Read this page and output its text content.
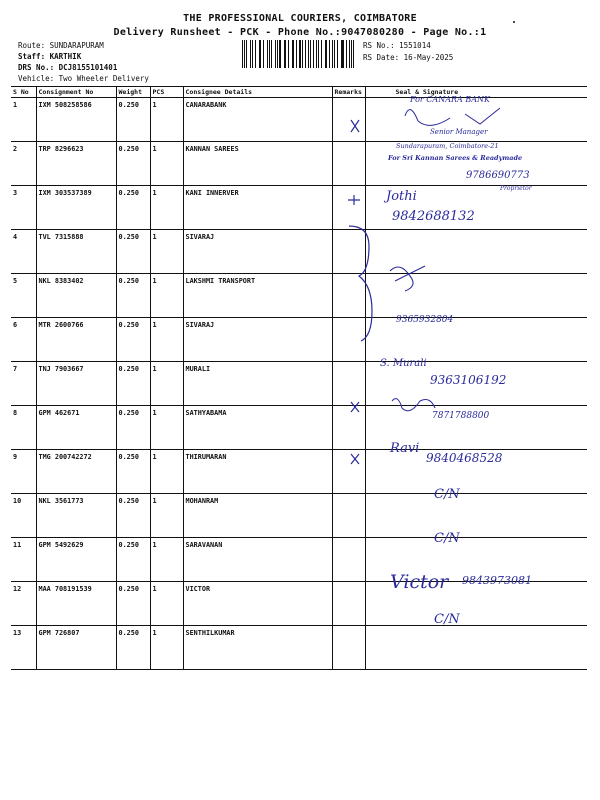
THE PROFESSIONAL COURIERS, COIMBATORE
Delivery Runsheet - PCK - Phone No.:9047080280 - Page No.:1
Route: SUNDARAPURAM
Staff: KARTHIK
DRS No.: DCJ8155101401
Vehicle: Two Wheeler Delivery
RS No.: 1551014
RS Date: 16-May-2025
S No	Consignment No	Weight	PCS	Consignee Details	Remarks	Seal & Signature
1	IXM 508258586	0.250	1	CANARABANK		
2	TRP 8296623	0.250	1	KANNAN SAREES		
3	IXM 303537389	0.250	1	KANI INNERVER		
4	TVL 7315888	0.250	1	SIVARAJ		
5	NKL 8383402	0.250	1	LAKSHMI TRANSPORT		
6	MTR 2600766	0.250	1	SIVARAJ		
7	TNJ 7903667	0.250	1	MURALI		
8	GPM 462671	0.250	1	SATHYABAMA		
9	TMG 200742272	0.250	1	THIRUMARAN		
10	NKL 3561773	0.250	1	MOHANRAM		
11	GPM 5492629	0.250	1	SARAVANAN		
12	MAA 708191539	0.250	1	VICTOR		
13	GPM 726807	0.250	1	SENTHILKUMAR		
For CANARA BANK
Senior Manager
Sundarapuram, Coimbatore-21
For Sri Kannan Sarees & Readymade
9786690773
Proprietor
Jothi
9842688132
9365932804
S. Murali
9363106192
7871788800
Ravi
9840468528
C/N
C/N
Victor 9843973081
C/N
